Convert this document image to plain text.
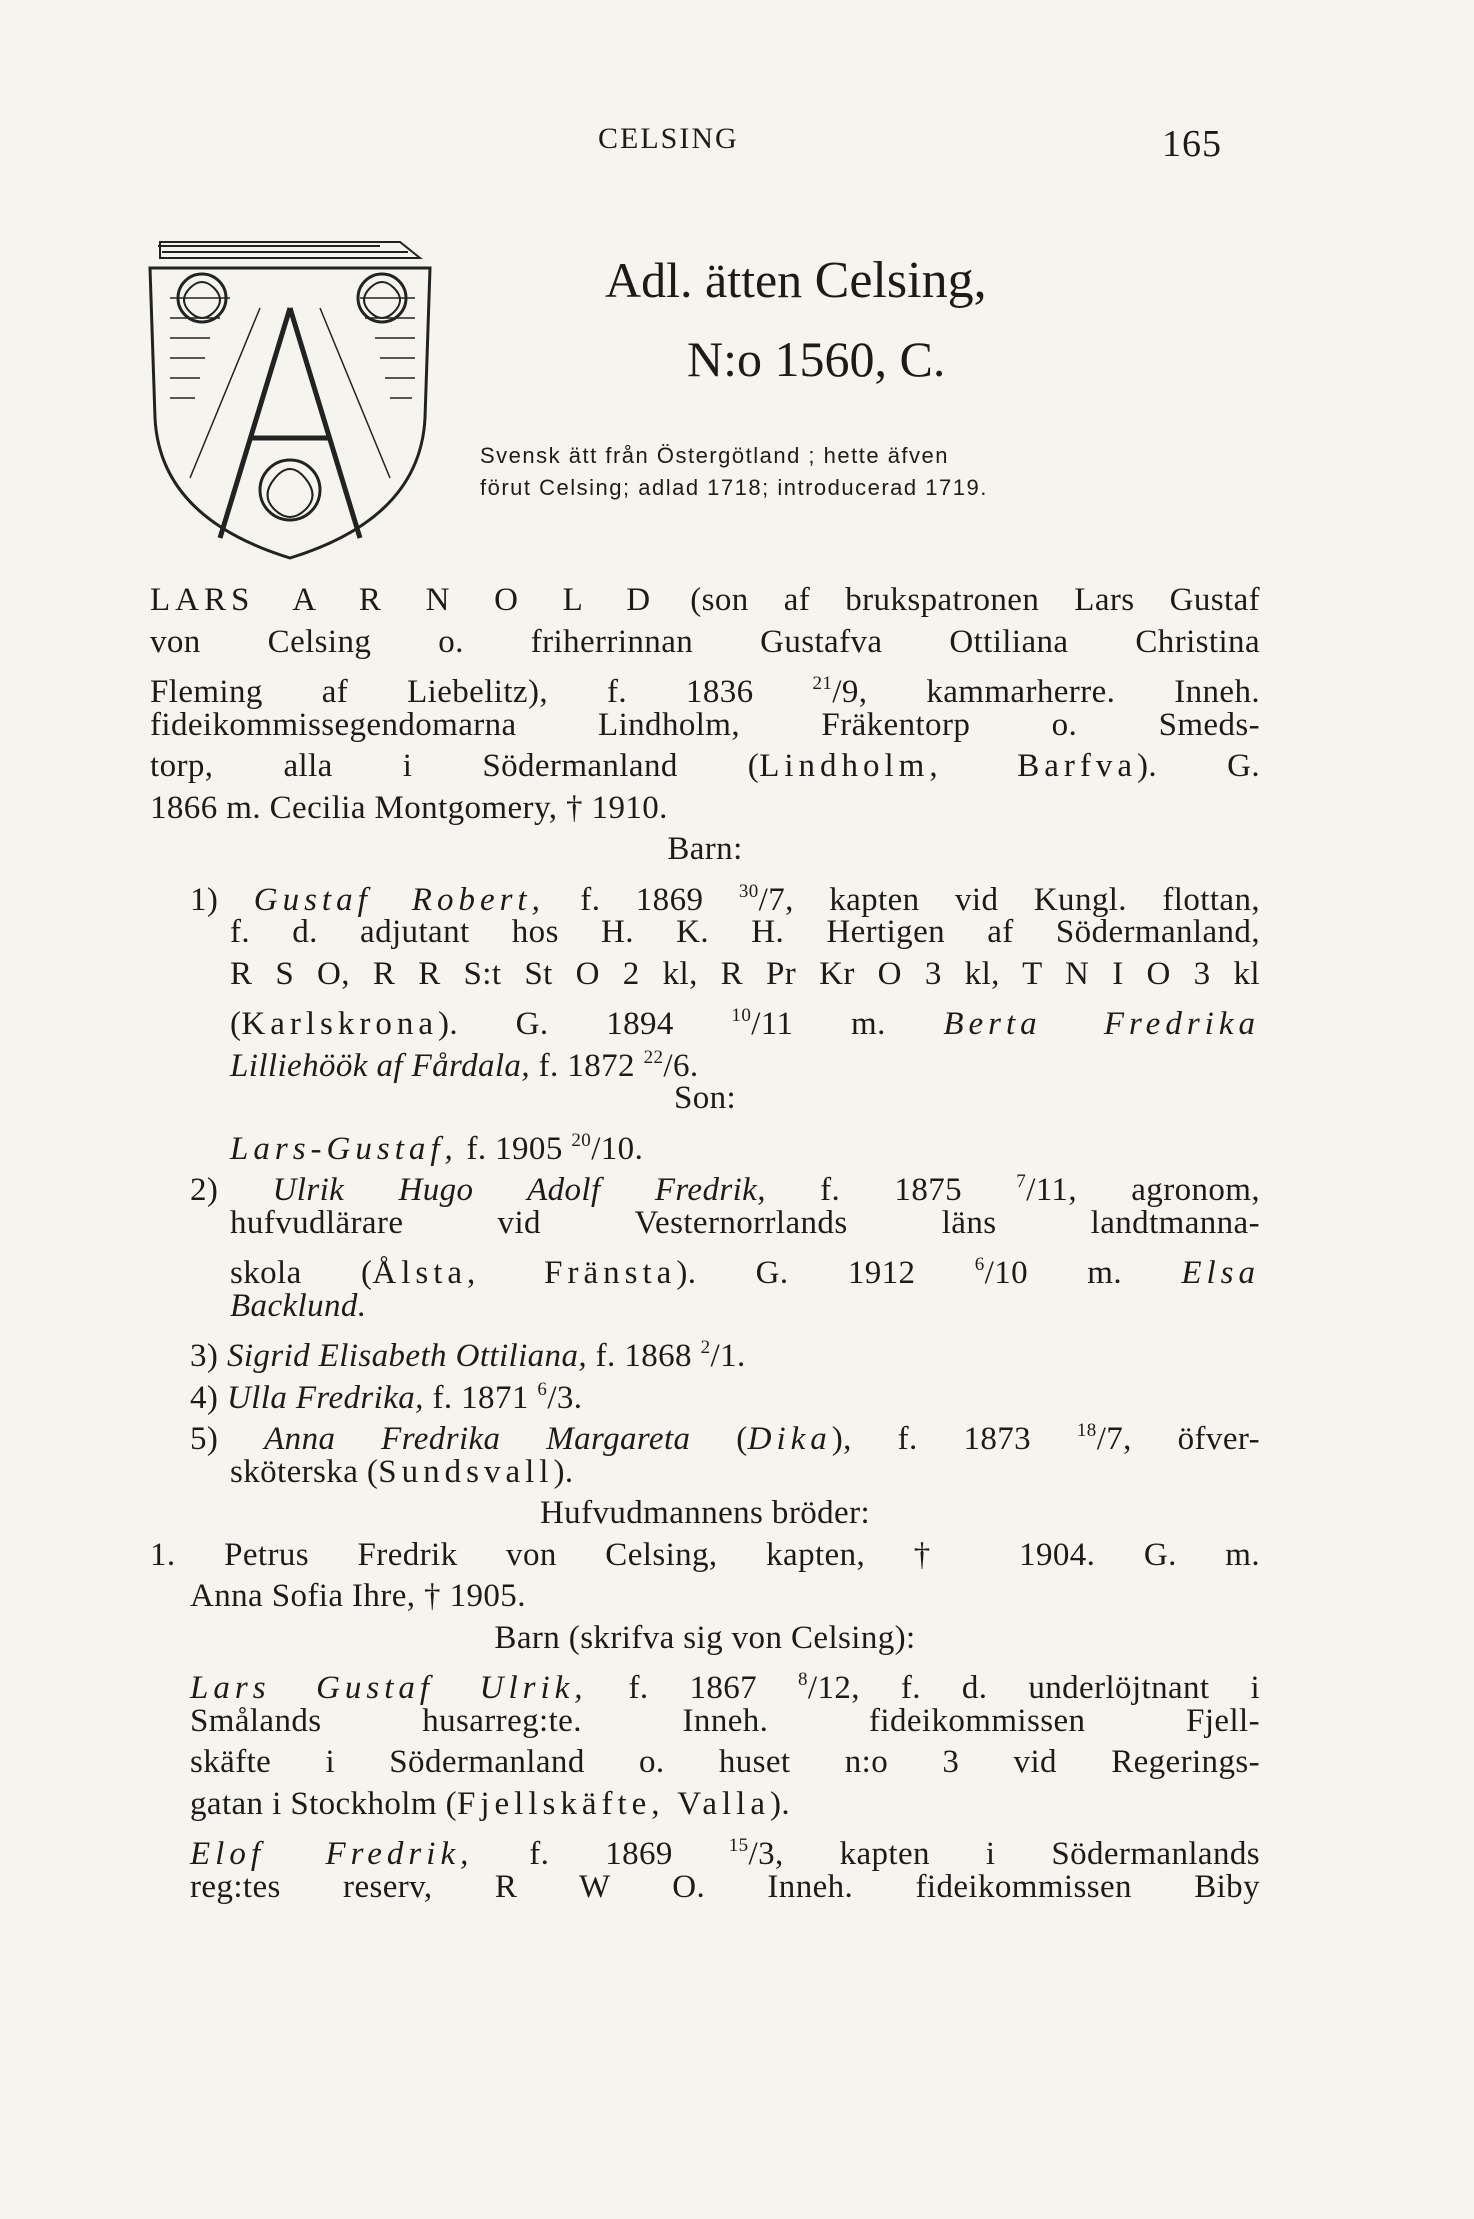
CELSING	165
Adl. ätten Celsing,
N:o 1560, C.
Svensk ätt från Östergötland ; hette äfven
förut Celsing; adlad 1718; introducerad 1719.
LARS A R N O L D (son af brukspatronen Lars Gustaf
von Celsing o. friherrinnan Gustafva Ottiliana Christina
Fleming af Liebelitz), f. 1836 $^{21}$/9, kammarherre. Inneh.
fideikommissegendomarna Lindholm, Fräkentorp o. Smeds-
torp, alla i Södermanland (Lindholm, Barfva). G.
1866 m. Cecilia Montgomery, † 1910.
Barn:
1) Gustaf Robert, f. 1869 $^{30}$/7, kapten vid Kungl. flottan,
f. d. adjutant hos H. K. H. Hertigen af Södermanland,
R S O, R R S:t St O 2 kl, R Pr Kr O 3 kl, T N I O 3 kl
(Karlskrona). G. 1894 $^{10}$/11 m. Berta Fredrika
Lilliehöök af Fårdala, f. 1872 $^{22}$/6.
Son:
Lars-Gustaf, f. 1905 $^{20}$/10.
2) Ulrik Hugo Adolf Fredrik, f. 1875 $^7$/11, agronom,
hufvudlärare vid Vesternorrlands läns landtmanna-
skola (Ålsta, Fränsta). G. 1912 $^6$/10 m. Elsa
Backlund.
3) Sigrid Elisabeth Ottiliana, f. 1868 $^2$/1.
4) Ulla Fredrika, f. 1871 $^6$/3.
5) Anna Fredrika Margareta (Dika), f. 1873 $^{18}$/7, öfver-
sköterska (Sundsvall).
Hufvudmannens bröder:
1. Petrus Fredrik von Celsing, kapten, † 1904. G. m.
Anna Sofia Ihre, † 1905.
Barn (skrifva sig von Celsing):
Lars Gustaf Ulrik, f. 1867 $^8$/12, f. d. underlöjtnant i
Smålands husarreg:te. Inneh. fideikommissen Fjell-
skäfte i Södermanland o. huset n:o 3 vid Regerings-
gatan i Stockholm (Fjellskäfte, Valla).
Elof Fredrik, f. 1869 $^{15}$/3, kapten i Södermanlands
reg:tes reserv, R W O. Inneh. fideikommissen Biby
